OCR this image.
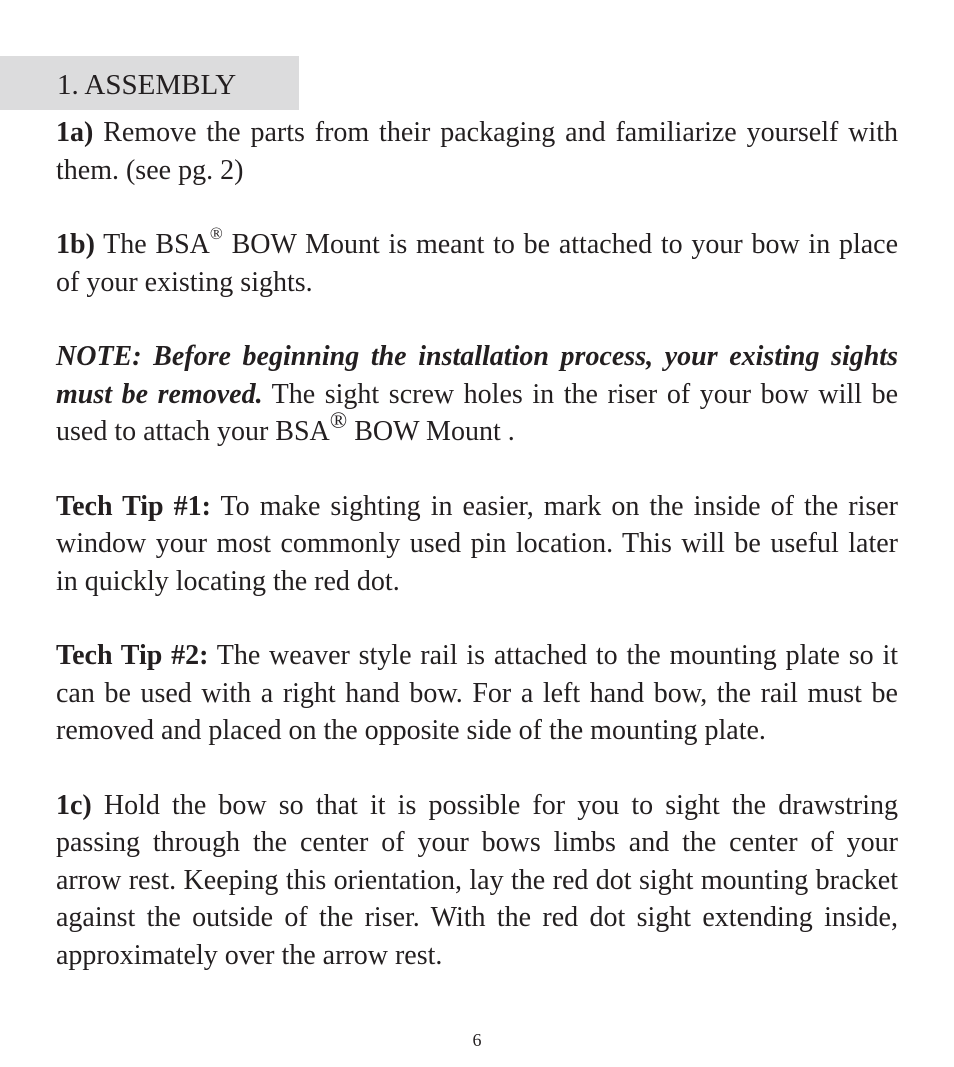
1. ASSEMBLY

1a) Remove the parts from their packaging and familiarize yourself with them. (see pg. 2)

1b) The BSA® BOW Mount is meant to be attached to your bow in place of your existing sights.

NOTE: Before beginning the installation process, your existing sights must be removed. The sight screw holes in the riser of your bow will be used to attach your BSA® BOW Mount .

Tech Tip #1: To make sighting in easier, mark on the inside of the riser window your most commonly used pin location. This will be useful later in quickly locating the red dot.

Tech Tip #2: The weaver style rail is attached to the mounting plate so it can be used with a right hand bow. For a left hand bow, the rail must be removed and placed on the opposite side of the mounting plate.

1c) Hold the bow so that it is possible for you to sight the drawstring passing through the center of your bows limbs and the center of your arrow rest. Keeping this orientation, lay the red dot sight mounting bracket against the outside of the riser. With the red dot sight extending inside, approximately over the arrow rest.

6
